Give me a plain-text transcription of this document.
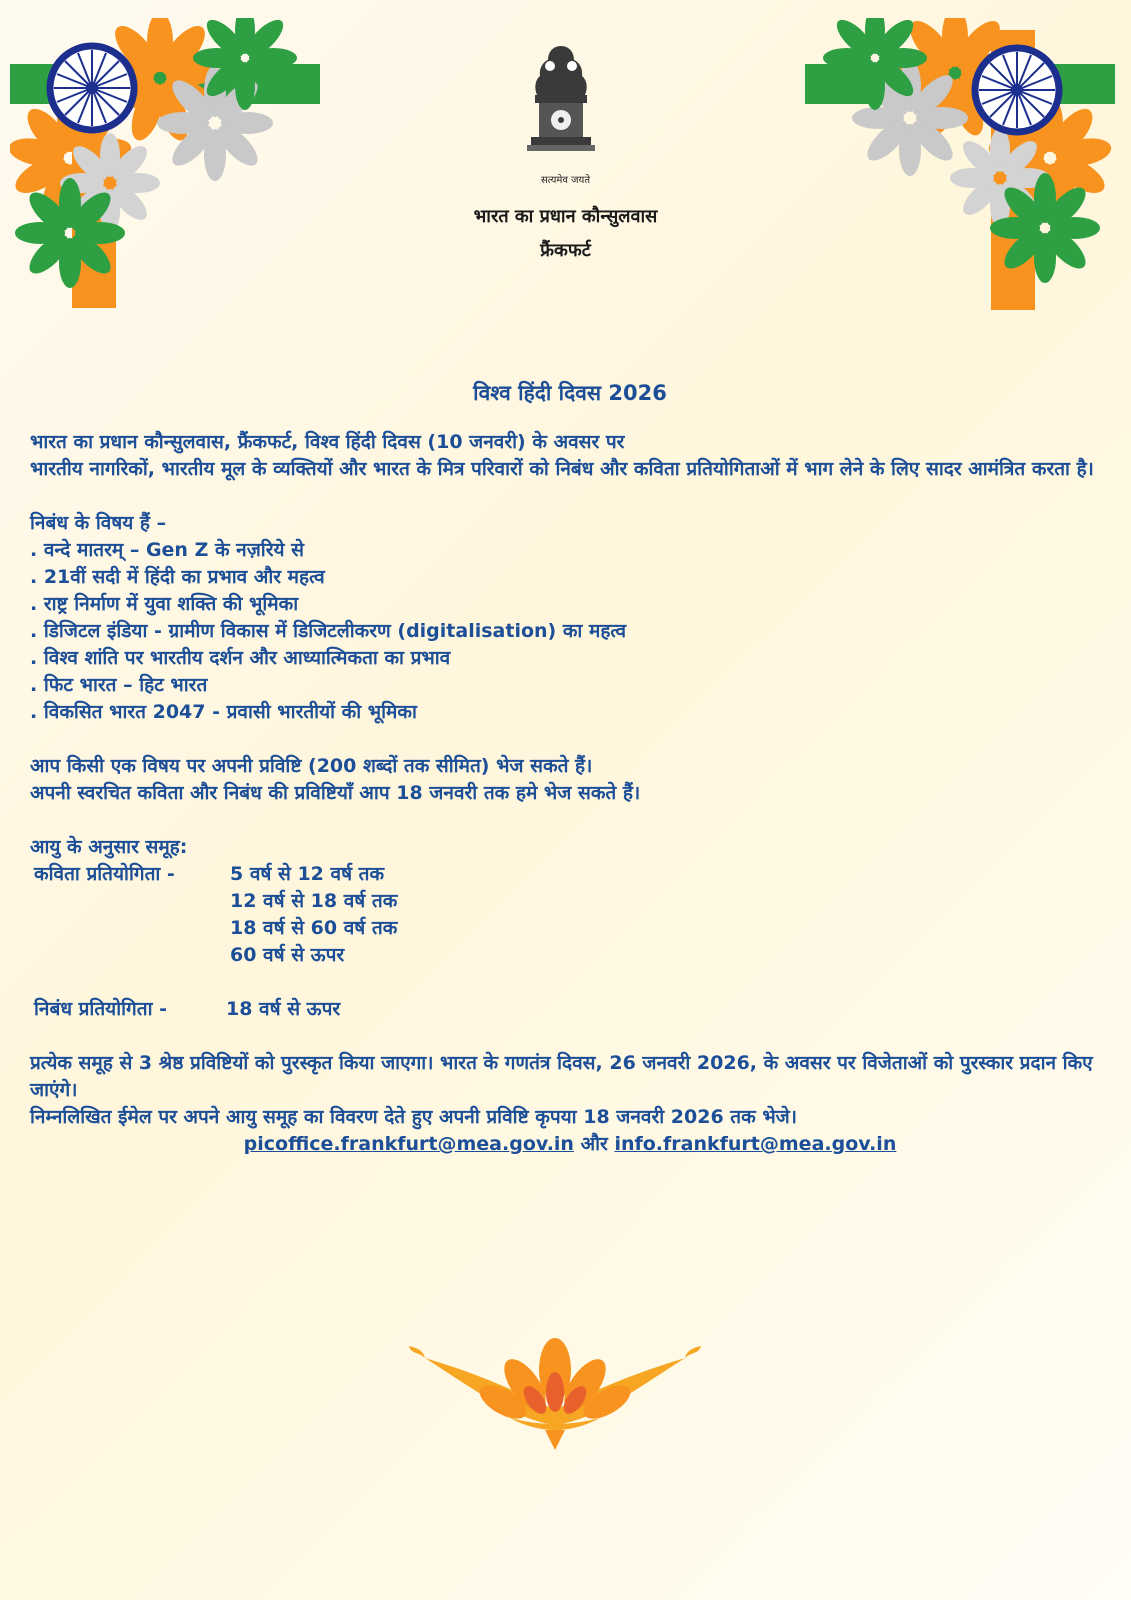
सत्यमेव जयते
भारत का प्रधान कौन्सुलवास
फ्रैंकफर्ट
विश्व हिंदी दिवस 2026

भारत का प्रधान कौन्सुलवास, फ्रैंकफर्ट, विश्व हिंदी दिवस (10 जनवरी) के अवसर पर

भारतीय नागरिकों, भारतीय मूल के व्यक्तियों और भारत के मित्र परिवारों को निबंध और कविता प्रतियोगिताओं में भाग लेने के लिए सादर आमंत्रित करता है।

निबंध के विषय हैं –

. वन्दे मातरम् – Gen Z के नज़रिये से
. 21वीं सदी में हिंदी का प्रभाव और महत्व
. राष्ट्र निर्माण में युवा शक्ति की भूमिका
. डिजिटल इंडिया - ग्रामीण विकास में डिजिटलीकरण (digitalisation) का महत्व
. विश्व शांति पर भारतीय दर्शन और आध्यात्मिकता का प्रभाव
. फिट भारत – हिट भारत
. विकसित भारत 2047 - प्रवासी भारतीयों की भूमिका

आप किसी एक विषय पर अपनी प्रविष्टि (200 शब्दों तक सीमित) भेज सकते हैं।

अपनी स्वरचित कविता और निबंध की प्रविष्टियाँ आप 18 जनवरी तक हमे भेज सकते हैं।

आयु के अनुसार समूह:

कविता प्रतियोगिता -	5 वर्ष से 12 वर्ष तक
12 वर्ष से 18 वर्ष तक
18 वर्ष से 60 वर्ष तक
60 वर्ष से ऊपर
निबंध प्रतियोगिता -	18 वर्ष से ऊपर

प्रत्येक समूह से 3 श्रेष्ठ प्रविष्टियों को पुरस्कृत किया जाएगा। भारत के गणतंत्र दिवस, 26 जनवरी 2026, के अवसर पर विजेताओं को पुरस्कार प्रदान किए जाएंगे।

निम्नलिखित ईमेल पर अपने आयु समूह का विवरण देते हुए अपनी प्रविष्टि कृपया 18 जनवरी 2026 तक भेजे।

picoffice.frankfurt@mea.gov.in और info.frankfurt@mea.gov.in
